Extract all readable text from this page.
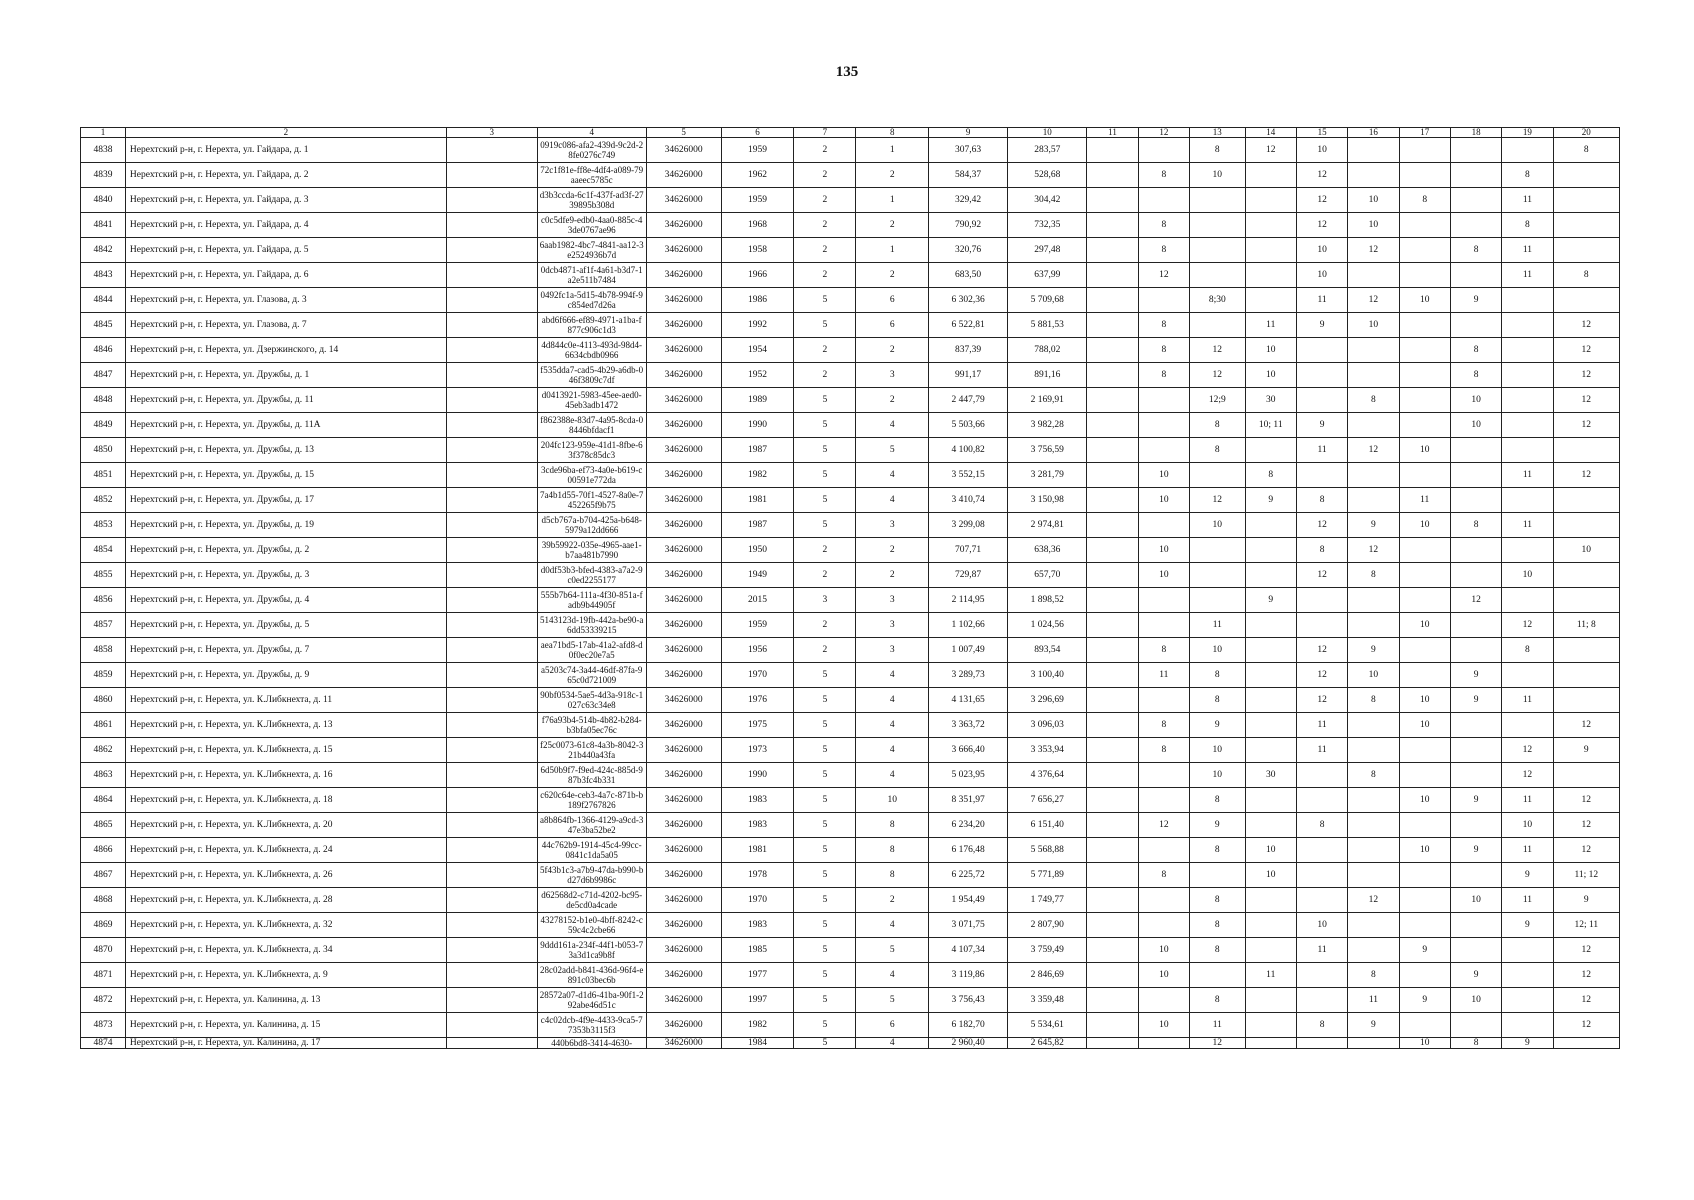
135
1	2	3	4	5	6	7	8	9	10	11	12	13	14	15	16	17	18	19	20
4838	Нерехтский р-н, г. Нерехта, ул. Гайдара, д. 1		0919c086-afa2-439d-9c2d-28fe0276c749	34626000	1959	2	1	307,63	283,57			8	12	10					8
4839	Нерехтский р-н, г. Нерехта, ул. Гайдара, д. 2		72c1f81e-ff8e-4df4-a089-79aaeec5785c	34626000	1962	2	2	584,37	528,68		8	10		12				8	
4840	Нерехтский р-н, г. Нерехта, ул. Гайдара, д. 3		d3b3ccda-6c1f-437f-ad3f-2739895b308d	34626000	1959	2	1	329,42	304,42					12	10	8		11	
4841	Нерехтский р-н, г. Нерехта, ул. Гайдара, д. 4		c0c5dfe9-edb0-4aa0-885c-43de0767ae96	34626000	1968	2	2	790,92	732,35		8			12	10			8	
4842	Нерехтский р-н, г. Нерехта, ул. Гайдара, д. 5		6aab1982-4bc7-4841-aa12-3e2524936b7d	34626000	1958	2	1	320,76	297,48		8			10	12		8	11	
4843	Нерехтский р-н, г. Нерехта, ул. Гайдара, д. 6		0dcb4871-af1f-4a61-b3d7-1a2e511b7484	34626000	1966	2	2	683,50	637,99		12			10				11	8
4844	Нерехтский р-н, г. Нерехта, ул. Глазова, д. 3		0492fc1a-5d15-4b78-994f-9c854ed7d26a	34626000	1986	5	6	6 302,36	5 709,68			8;30		11	12	10	9		
4845	Нерехтский р-н, г. Нерехта, ул. Глазова, д. 7		abd6f666-ef89-4971-a1ba-f877c906c1d3	34626000	1992	5	6	6 522,81	5 881,53		8		11	9	10				12
4846	Нерехтский р-н, г. Нерехта, ул. Дзержинского, д. 14		4d844c0e-4113-493d-98d4-6634cbdb0966	34626000	1954	2	2	837,39	788,02		8	12	10				8		12
4847	Нерехтский р-н, г. Нерехта, ул. Дружбы, д. 1		f535dda7-cad5-4b29-a6db-046f3809c7df	34626000	1952	2	3	991,17	891,16		8	12	10				8		12
4848	Нерехтский р-н, г. Нерехта, ул. Дружбы, д. 11		d0413921-5983-45ee-aed0-45eb3adb1472	34626000	1989	5	2	2 447,79	2 169,91			12;9	30		8		10		12
4849	Нерехтский р-н, г. Нерехта, ул. Дружбы, д. 11А		f862388e-83d7-4a95-8cda-08446bfdacf1	34626000	1990	5	4	5 503,66	3 982,28			8	10; 11	9			10		12
4850	Нерехтский р-н, г. Нерехта, ул. Дружбы, д. 13		204fc123-959e-41d1-8fbe-63f378c85dc3	34626000	1987	5	5	4 100,82	3 756,59			8		11	12	10			
4851	Нерехтский р-н, г. Нерехта, ул. Дружбы, д. 15		3cde96ba-ef73-4a0e-b619-c00591e772da	34626000	1982	5	4	3 552,15	3 281,79		10		8					11	12
4852	Нерехтский р-н, г. Нерехта, ул. Дружбы, д. 17		7a4b1d55-70f1-4527-8a0e-7452265f9b75	34626000	1981	5	4	3 410,74	3 150,98		10	12	9	8		11			
4853	Нерехтский р-н, г. Нерехта, ул. Дружбы, д. 19		d5cb767a-b704-425a-b648-5979a12dd666	34626000	1987	5	3	3 299,08	2 974,81			10		12	9	10	8	11	
4854	Нерехтский р-н, г. Нерехта, ул. Дружбы, д. 2		39b59922-035e-4965-aae1-b7aa481b7990	34626000	1950	2	2	707,71	638,36		10			8	12				10
4855	Нерехтский р-н, г. Нерехта, ул. Дружбы, д. 3		d0df53b3-bfed-4383-a7a2-9c0ed2255177	34626000	1949	2	2	729,87	657,70		10			12	8			10	
4856	Нерехтский р-н, г. Нерехта, ул. Дружбы, д. 4		555b7b64-111a-4f30-851a-fadb9b44905f	34626000	2015	3	3	2 114,95	1 898,52				9				12		
4857	Нерехтский р-н, г. Нерехта, ул. Дружбы, д. 5		5143123d-19fb-442a-be90-a6dd53339215	34626000	1959	2	3	1 102,66	1 024,56			11				10		12	11; 8
4858	Нерехтский р-н, г. Нерехта, ул. Дружбы, д. 7		aea71bd5-17ab-41a2-afd8-d0f0ec20e7a5	34626000	1956	2	3	1 007,49	893,54		8	10		12	9			8	
4859	Нерехтский р-н, г. Нерехта, ул. Дружбы, д. 9		a5203c74-3a44-46df-87fa-965c0d721009	34626000	1970	5	4	3 289,73	3 100,40		11	8		12	10		9		
4860	Нерехтский р-н, г. Нерехта, ул. К.Либкнехта, д. 11		90bf0534-5ae5-4d3a-918c-1027c63c34e8	34626000	1976	5	4	4 131,65	3 296,69			8		12	8	10	9	11	
4861	Нерехтский р-н, г. Нерехта, ул. К.Либкнехта, д. 13		f76a93b4-514b-4b82-b284-b3bfa05ec76c	34626000	1975	5	4	3 363,72	3 096,03		8	9		11		10			12
4862	Нерехтский р-н, г. Нерехта, ул. К.Либкнехта, д. 15		f25c0073-61c8-4a3b-8042-321b440a43fa	34626000	1973	5	4	3 666,40	3 353,94		8	10		11				12	9
4863	Нерехтский р-н, г. Нерехта, ул. К.Либкнехта, д. 16		6d50b9f7-f9ed-424c-885d-987b3fc4b331	34626000	1990	5	4	5 023,95	4 376,64			10	30		8			12	
4864	Нерехтский р-н, г. Нерехта, ул. К.Либкнехта, д. 18		c620c64e-ceb3-4a7c-871b-b189f2767826	34626000	1983	5	10	8 351,97	7 656,27			8				10	9	11	12
4865	Нерехтский р-н, г. Нерехта, ул. К.Либкнехта, д. 20		a8b864fb-1366-4129-a9cd-347e3ba52be2	34626000	1983	5	8	6 234,20	6 151,40		12	9		8				10	12
4866	Нерехтский р-н, г. Нерехта, ул. К.Либкнехта, д. 24		44c762b9-1914-45c4-99cc-0841c1da5a05	34626000	1981	5	8	6 176,48	5 568,88			8	10			10	9	11	12
4867	Нерехтский р-н, г. Нерехта, ул. К.Либкнехта, д. 26		5f43b1c3-a7b9-47da-b990-bd27d6b9986c	34626000	1978	5	8	6 225,72	5 771,89		8		10					9	11; 12
4868	Нерехтский р-н, г. Нерехта, ул. К.Либкнехта, д. 28		d62568d2-c71d-4202-bc95-de5cd0a4cade	34626000	1970	5	2	1 954,49	1 749,77			8			12		10	11	9
4869	Нерехтский р-н, г. Нерехта, ул. К.Либкнехта, д. 32		43278152-b1e0-4bff-8242-c59c4c2cbe66	34626000	1983	5	4	3 071,75	2 807,90			8		10				9	12; 11
4870	Нерехтский р-н, г. Нерехта, ул. К.Либкнехта, д. 34		9ddd161a-234f-44f1-b053-73a3d1ca9b8f	34626000	1985	5	5	4 107,34	3 759,49		10	8		11		9			12
4871	Нерехтский р-н, г. Нерехта, ул. К.Либкнехта, д. 9		28c02add-b841-436d-96f4-e891c03bec6b	34626000	1977	5	4	3 119,86	2 846,69		10		11		8		9		12
4872	Нерехтский р-н, г. Нерехта, ул. Калинина, д. 13		28572a07-d1d6-41ba-90f1-292abe46d51c	34626000	1997	5	5	3 756,43	3 359,48			8			11	9	10		12
4873	Нерехтский р-н, г. Нерехта, ул. Калинина, д. 15		c4c02dcb-4f9e-4433-9ca5-77353b3115f3	34626000	1982	5	6	6 182,70	5 534,61		10	11		8	9				12
4874	Нерехтский р-н, г. Нерехта, ул. Калинина, д. 17		440b6bd8-3414-4630-	34626000	1984	5	4	2 960,40	2 645,82			12				10	8	9	
